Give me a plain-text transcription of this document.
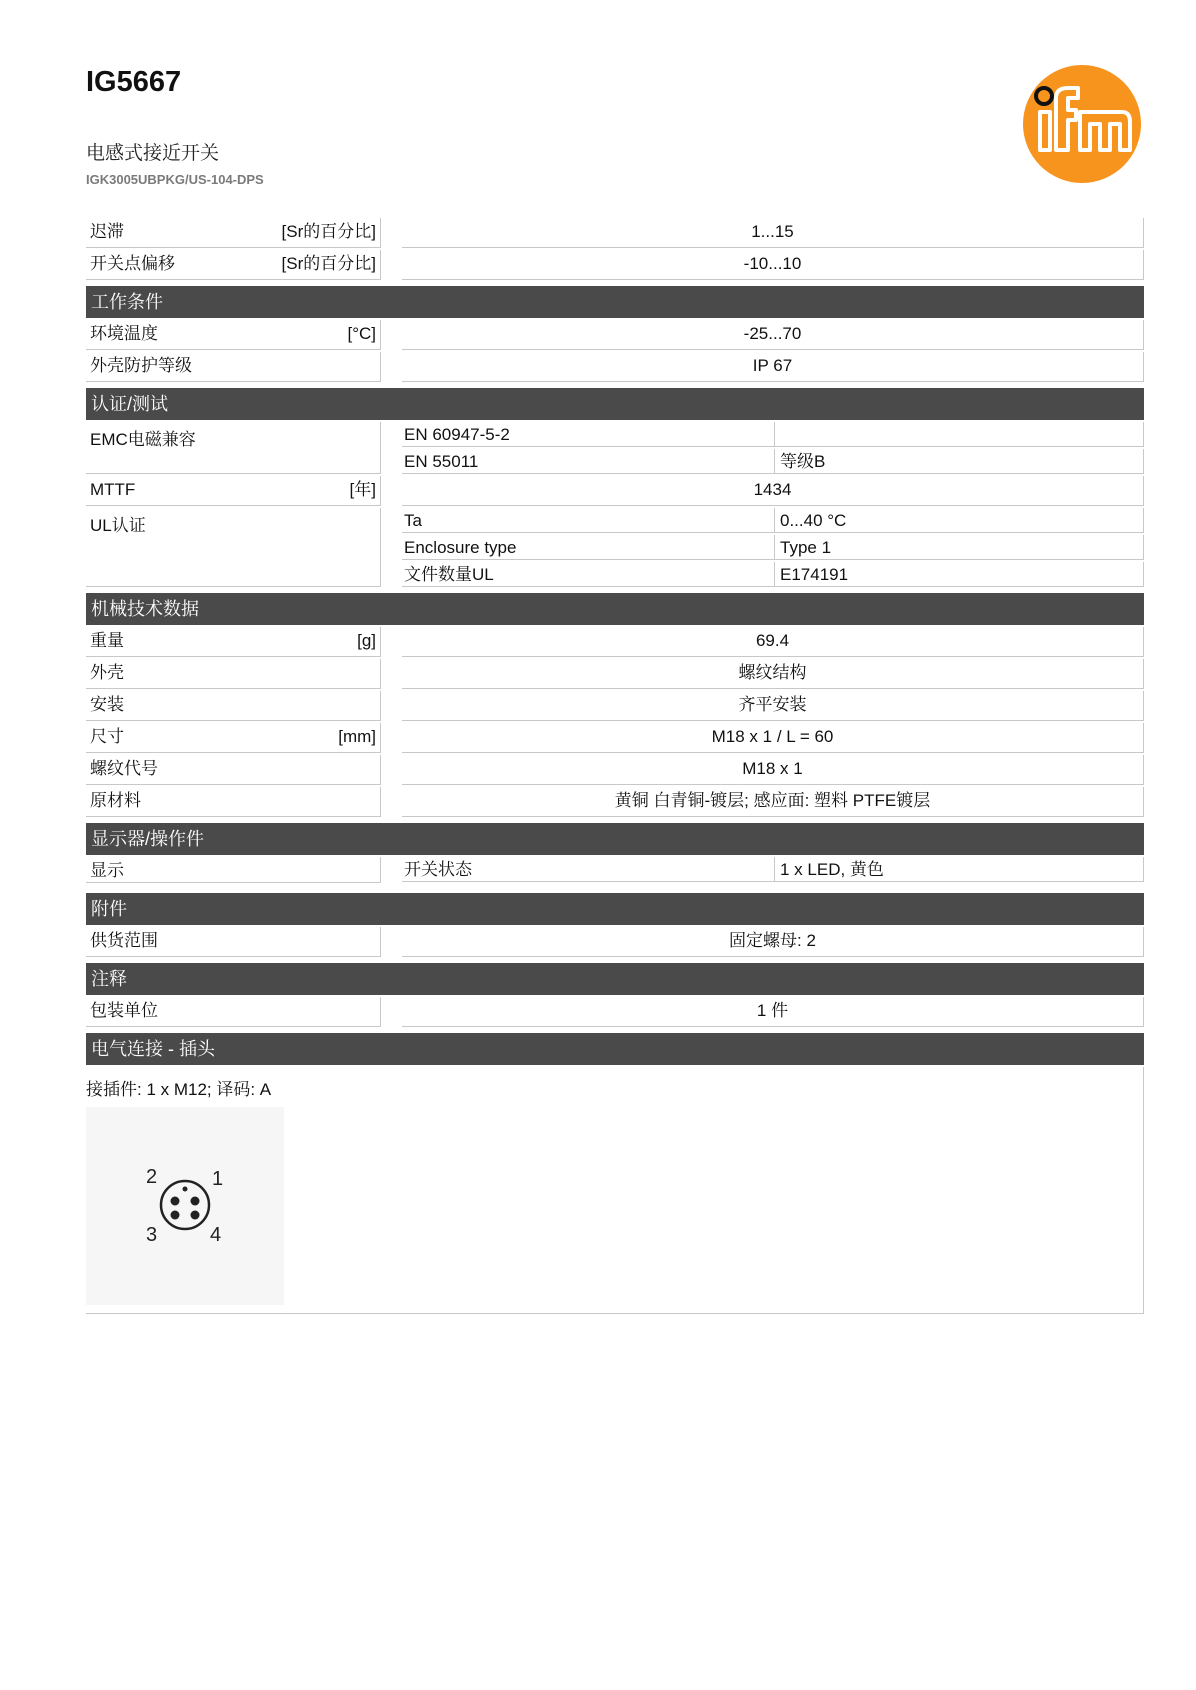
IG5667
电感式接近开关
IGK3005UBPKG/US-104-DPS
迟滞	[Sr的百分比]	1...15
开关点偏移	[Sr的百分比]	-10...10
工作条件
环境温度	[°C]	-25...70
外壳防护等级	IP 67
认证/测试
EMC电磁兼容	EN 60947-5-2
EN 55011	等级B
MTTF	[年]	1434
UL认证	Ta	0...40 °C
Enclosure type	Type 1
文件数量UL	E174191
机械技术数据
重量	[g]	69.4
外壳	螺纹结构
安装	齐平安装
尺寸	[mm]	M18 x 1 / L = 60
螺纹代号	M18 x 1
原材料	黄铜 白青铜-镀层; 感应面: 塑料 PTFE镀层
显示器/操作件
显示	开关状态	1 x LED, 黄色
附件
供货范围	固定螺母: 2
注释
包装单位	1 件
电气连接 - 插头
接插件: 1 x M12; 译码: A
1
2
3	4
